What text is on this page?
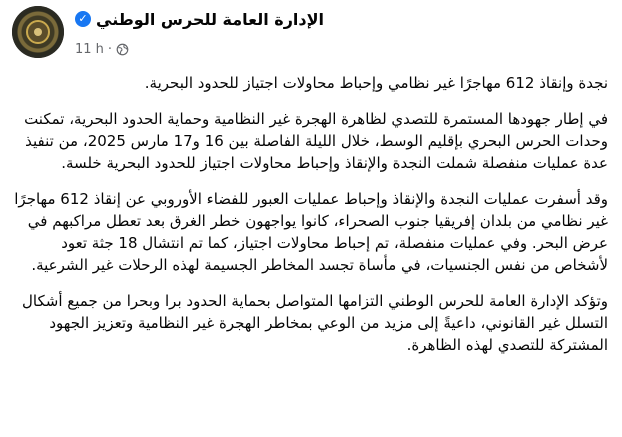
✓ الإدارة العامة للحرس الوطني
11 h ·

نجدة وإنقاذ 612 مهاجرًا غير نظامي وإحباط محاولات اجتياز للحدود البحرية.

في إطار جهودها المستمرة للتصدي لظاهرة الهجرة غير النظامية وحماية الحدود البحرية، تمكنت وحدات الحرس البحري بإقليم الوسط، خلال الليلة الفاصلة بين 16 و17 مارس 2025، من تنفيذ عدة عمليات منفصلة شملت النجدة والإنقاذ وإحباط محاولات اجتياز للحدود البحرية خلسة.

وقد أسفرت عمليات النجدة والإنقاذ وإحباط عمليات العبور للفضاء الأوروبي عن إنقاذ 612 مهاجرًا غير نظامي من بلدان إفريقيا جنوب الصحراء، كانوا يواجهون خطر الغرق بعد تعطل مراكبهم في عرض البحر. وفي عمليات منفصلة، تم إحباط محاولات اجتياز، كما تم انتشال 18 جثة تعود لأشخاص من نفس الجنسيات، في مأساة تجسد المخاطر الجسيمة لهذه الرحلات غير الشرعية.

وتؤكد الإدارة العامة للحرس الوطني التزامها المتواصل بحماية الحدود برا وبحرا من جميع أشكال التسلل غير القانوني، داعيةً إلى مزيد من الوعي بمخاطر الهجرة غير النظامية وتعزيز الجهود المشتركة للتصدي لهذه الظاهرة.
